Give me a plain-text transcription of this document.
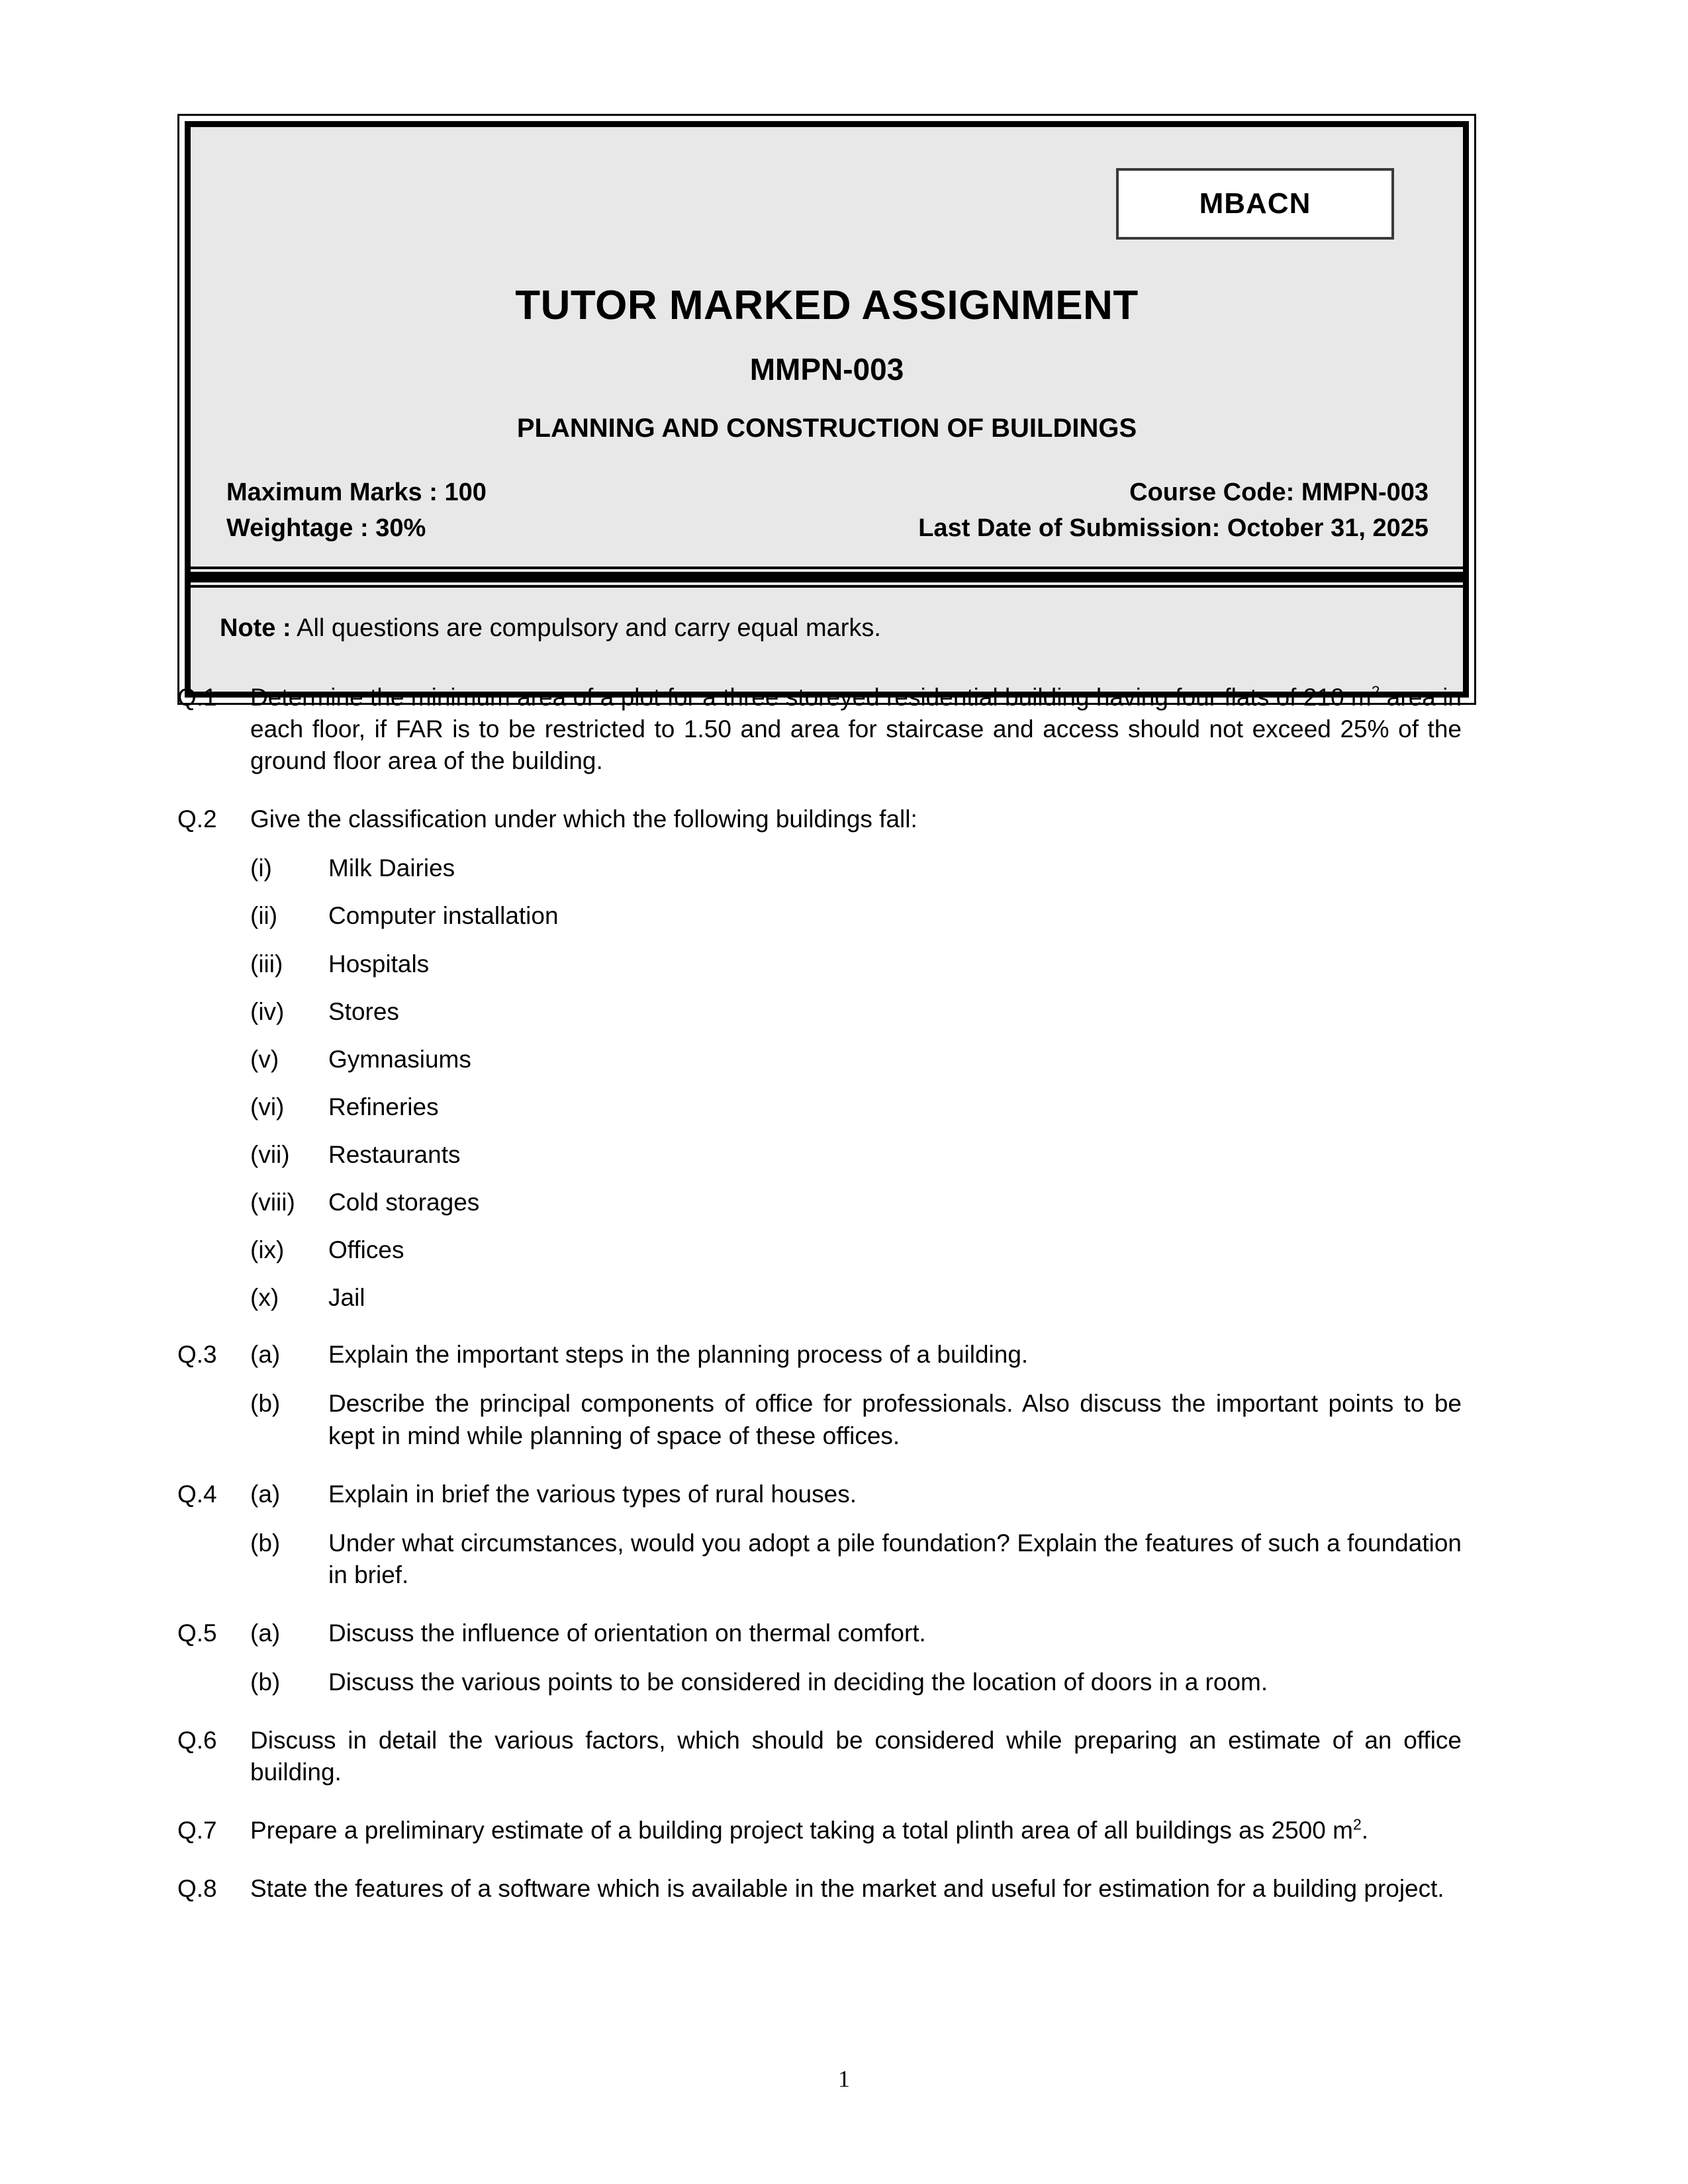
MBACN
TUTOR MARKED ASSIGNMENT
MMPN-003
PLANNING AND CONSTRUCTION OF BUILDINGS
Maximum Marks : 100	Course Code: MMPN-003
Weightage : 30%	Last Date of Submission: October 31, 2025
Note : All questions are compulsory and carry equal marks.
Q.1	Determine the minimum area of a plot for a three storeyed residential building having four flats of 210 $m^2$ area in each floor, if FAR is to be restricted to 1.50 and area for staircase and access should not exceed 25% of the ground floor area of the building.
Q.2	Give the classification under which the following buildings fall:
(i)	Milk Dairies
(ii)	Computer installation
(iii)	Hospitals
(iv)	Stores
(v)	Gymnasiums
(vi)	Refineries
(vii)	Restaurants
(viii)	Cold storages
(ix)	Offices
(x)	Jail
Q.3	(a)	Explain the important steps in the planning process of a building.
(b)	Describe the principal components of office for professionals. Also discuss the important points to be kept in mind while planning of space of these offices.
Q.4	(a)	Explain in brief the various types of rural houses.
(b)	Under what circumstances, would you adopt a pile foundation? Explain the features of such a foundation in brief.
Q.5	(a)	Discuss the influence of orientation on thermal comfort.
(b)	Discuss the various points to be considered in deciding the location of doors in a room.
Q.6	Discuss in detail the various factors, which should be considered while preparing an estimate of an office building.
Q.7	Prepare a preliminary estimate of a building project taking a total plinth area of all buildings as 2500 $m^2$.
Q.8	State the features of a software which is available in the market and useful for estimation for a building project.
1
